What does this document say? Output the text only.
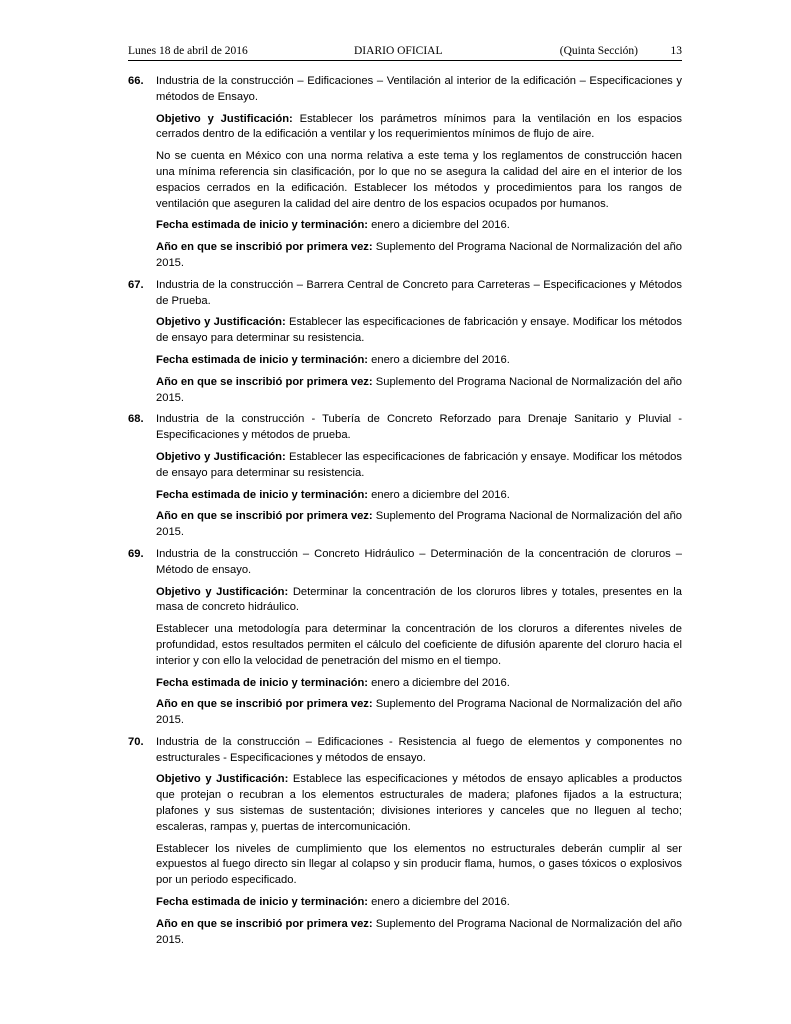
Lunes 18 de abril de 2016	DIARIO OFICIAL	(Quinta Sección)	13
66. Industria de la construcción – Edificaciones – Ventilación al interior de la edificación – Especificaciones y métodos de Ensayo.
Objetivo y Justificación: Establecer los parámetros mínimos para la ventilación en los espacios cerrados dentro de la edificación a ventilar y los requerimientos mínimos de flujo de aire.
No se cuenta en México con una norma relativa a este tema y los reglamentos de construcción hacen una mínima referencia sin clasificación, por lo que no se asegura la calidad del aire en el interior de los espacios cerrados en la edificación. Establecer los métodos y procedimientos para los rangos de ventilación que aseguren la calidad del aire dentro de los espacios ocupados por humanos.
Fecha estimada de inicio y terminación: enero a diciembre del 2016.
Año en que se inscribió por primera vez: Suplemento del Programa Nacional de Normalización del año 2015.
67. Industria de la construcción – Barrera Central de Concreto para Carreteras – Especificaciones y Métodos de Prueba.
Objetivo y Justificación: Establecer las especificaciones de fabricación y ensaye. Modificar los métodos de ensayo para determinar su resistencia.
Fecha estimada de inicio y terminación: enero a diciembre del 2016.
Año en que se inscribió por primera vez: Suplemento del Programa Nacional de Normalización del año 2015.
68. Industria de la construcción - Tubería de Concreto Reforzado para Drenaje Sanitario y Pluvial - Especificaciones y métodos de prueba.
Objetivo y Justificación: Establecer las especificaciones de fabricación y ensaye. Modificar los métodos de ensayo para determinar su resistencia.
Fecha estimada de inicio y terminación: enero a diciembre del 2016.
Año en que se inscribió por primera vez: Suplemento del Programa Nacional de Normalización del año 2015.
69. Industria de la construcción – Concreto Hidráulico – Determinación de la concentración de cloruros – Método de ensayo.
Objetivo y Justificación: Determinar la concentración de los cloruros libres y totales, presentes en la masa de concreto hidráulico.
Establecer una metodología para determinar la concentración de los cloruros a diferentes niveles de profundidad, estos resultados permiten el cálculo del coeficiente de difusión aparente del cloruro hacia el interior y con ello la velocidad de penetración del mismo en el tiempo.
Fecha estimada de inicio y terminación: enero a diciembre del 2016.
Año en que se inscribió por primera vez: Suplemento del Programa Nacional de Normalización del año 2015.
70. Industria de la construcción – Edificaciones - Resistencia al fuego de elementos y componentes no estructurales - Especificaciones y métodos de ensayo.
Objetivo y Justificación: Establece las especificaciones y métodos de ensayo aplicables a productos que protejan o recubran a los elementos estructurales de madera; plafones fijados a la estructura; plafones y sus sistemas de sustentación; divisiones interiores y canceles que no lleguen al techo; escaleras, rampas y, puertas de intercomunicación.
Establecer los niveles de cumplimiento que los elementos no estructurales deberán cumplir al ser expuestos al fuego directo sin llegar al colapso y sin producir flama, humos, o gases tóxicos o explosivos por un periodo especificado.
Fecha estimada de inicio y terminación: enero a diciembre del 2016.
Año en que se inscribió por primera vez: Suplemento del Programa Nacional de Normalización del año 2015.
